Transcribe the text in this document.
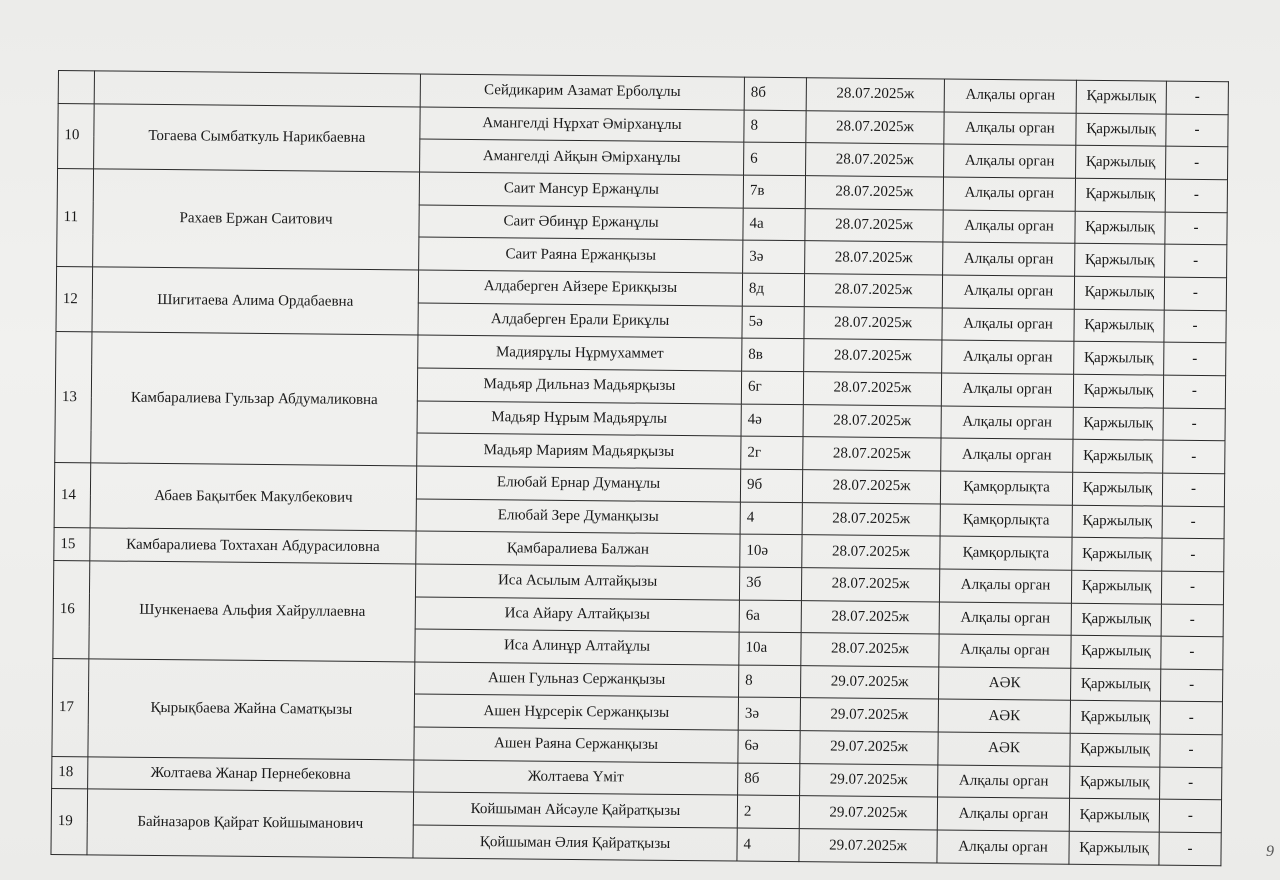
		Сейдикарим Азамат Ерболұлы	8б	28.07.2025ж	Алқалы орган	Қаржылық	-
10	Тогаева Сымбаткуль Нарикбаевна	Амангелді Нұрхат Әмірханұлы	8	28.07.2025ж	Алқалы орган	Қаржылық	-
		Амангелді Айқын Әмірханұлы	6	28.07.2025ж	Алқалы орган	Қаржылық	-
11	Рахаев Ержан Саитович	Саит Мансур Ержанұлы	7в	28.07.2025ж	Алқалы орган	Қаржылық	-
		Саит Әбинұр Ержанұлы	4а	28.07.2025ж	Алқалы орган	Қаржылық	-
		Саит Раяна Ержанқызы	3ә	28.07.2025ж	Алқалы орган	Қаржылық	-
12	Шигитаева Алима Ордабаевна	Алдаберген Айзере Ерикқызы	8д	28.07.2025ж	Алқалы орган	Қаржылық	-
		Алдаберген Ерали Ерикұлы	5ә	28.07.2025ж	Алқалы орган	Қаржылық	-
13	Камбаралиева Гульзар Абдумаликовна	Мадиярұлы Нұрмухаммет	8в	28.07.2025ж	Алқалы орган	Қаржылық	-
		Мадьяр Дильназ Мадьярқызы	6г	28.07.2025ж	Алқалы орган	Қаржылық	-
		Мадьяр Нұрым Мадьярұлы	4ә	28.07.2025ж	Алқалы орган	Қаржылық	-
		Мадьяр Мариям Мадьярқызы	2г	28.07.2025ж	Алқалы орган	Қаржылық	-
14	Абаев Бақытбек Макулбекович	Елюбай Ернар Думанұлы	9б	28.07.2025ж	Қамқорлықта	Қаржылық	-
		Елюбай Зере Думанқызы	4	28.07.2025ж	Қамқорлықта	Қаржылық	-
15	Камбаралиева Тохтахан Абдурасиловна	Қамбаралиева Балжан	10ә	28.07.2025ж	Қамқорлықта	Қаржылық	-
16	Шункенаева Альфия Хайруллаевна	Иса Асылым Алтайқызы	3б	28.07.2025ж	Алқалы орган	Қаржылық	-
		Иса Айару Алтайқызы	6а	28.07.2025ж	Алқалы орган	Қаржылық	-
		Иса Алинұр Алтайұлы	10а	28.07.2025ж	Алқалы орган	Қаржылық	-
17	Қырықбаева Жайна Саматқызы	Ашен Гульназ Сержанқызы	8	29.07.2025ж	АӘК	Қаржылық	-
		Ашен Нұрсерік Сержанқызы	3ә	29.07.2025ж	АӘК	Қаржылық	-
		Ашен Раяна Сержанқызы	6ә	29.07.2025ж	АӘК	Қаржылық	-
18	Жолтаева Жанар Пернебековна	Жолтаева Үміт	8б	29.07.2025ж	Алқалы орган	Қаржылық	-
19	Байназаров Қайрат Койшыманович	Койшыман Айсәуле Қайратқызы	2	29.07.2025ж	Алқалы орган	Қаржылық	-
		Қойшыман Әлия Қайратқызы	4	29.07.2025ж	Алқалы орган	Қаржылық	-	9
